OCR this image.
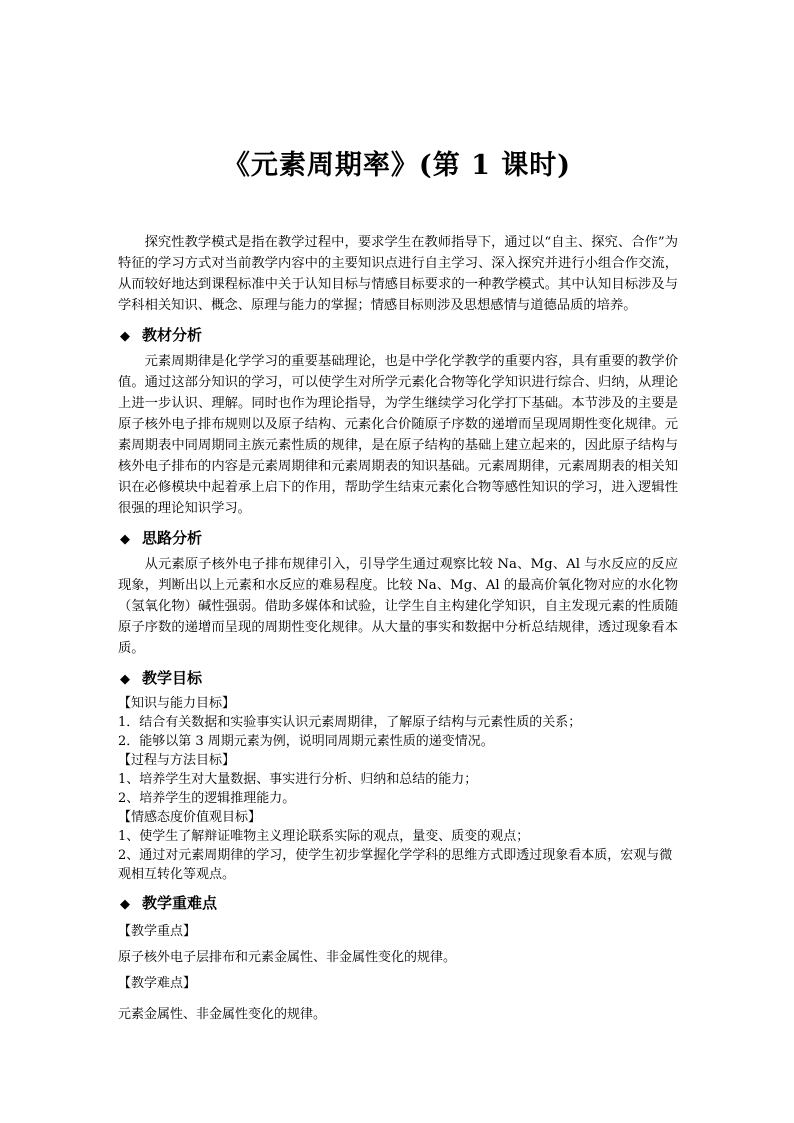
《元素周期率》(第 1 课时)

探究性教学模式是指在教学过程中，要求学生在教师指导下，通过以“自主、探究、合作”为特征的学习方式对当前教学内容中的主要知识点进行自主学习、深入探究并进行小组合作交流，从而较好地达到课程标准中关于认知目标与情感目标要求的一种教学模式。其中认知目标涉及与学科相关知识、概念、原理与能力的掌握；情感目标则涉及思想感情与道德品质的培养。

◆ 教材分析

元素周期律是化学学习的重要基础理论，也是中学化学教学的重要内容，具有重要的教学价值。通过这部分知识的学习，可以使学生对所学元素化合物等化学知识进行综合、归纳，从理论上进一步认识、理解。同时也作为理论指导，为学生继续学习化学打下基础。本节涉及的主要是原子核外电子排布规则以及原子结构、元素化合价随原子序数的递增而呈现周期性变化规律。元素周期表中同周期同主族元素性质的规律，是在原子结构的基础上建立起来的，因此原子结构与核外电子排布的内容是元素周期律和元素周期表的知识基础。元素周期律，元素周期表的相关知识在必修模块中起着承上启下的作用，帮助学生结束元素化合物等感性知识的学习，进入逻辑性很强的理论知识学习。

◆ 思路分析

从元素原子核外电子排布规律引入，引导学生通过观察比较 Na、Mg、Al 与水反应的反应现象，判断出以上元素和水反应的难易程度。比较 Na、Mg、Al 的最高价氧化物对应的水化物（氢氧化物）碱性强弱。借助多媒体和试验，让学生自主构建化学知识，自主发现元素的性质随原子序数的递增而呈现的周期性变化规律。从大量的事实和数据中分析总结规律，透过现象看本质。

◆ 教学目标

【知识与能力目标】

1．结合有关数据和实验事实认识元素周期律，了解原子结构与元素性质的关系；

2．能够以第 3 周期元素为例，说明同周期元素性质的递变情况。

【过程与方法目标】

1、培养学生对大量数据、事实进行分析、归纳和总结的能力；

2、培养学生的逻辑推理能力。

【情感态度价值观目标】

1、使学生了解辩证唯物主义理论联系实际的观点，量变、质变的观点；

2、通过对元素周期律的学习，使学生初步掌握化学学科的思维方式即透过现象看本质，宏观与微观相互转化等观点。

◆ 教学重难点

【教学重点】

原子核外电子层排布和元素金属性、非金属性变化的规律。

【教学难点】

元素金属性、非金属性变化的规律。
